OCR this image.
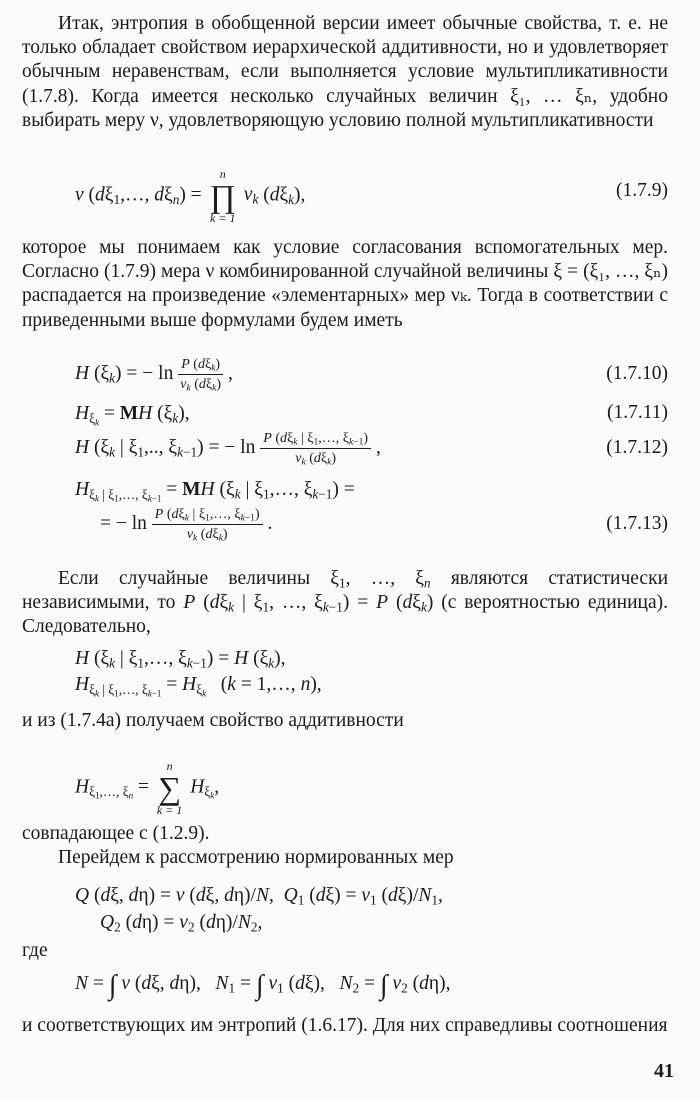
Итак, энтропия в обобщенной версии имеет обычные свойства, т. е. не только обладает свойством иерархической аддитивности, но и удовлетворяет обычным неравенствам, если выполняется условие мультипликативности (1.7.8). Когда имеется несколько случайных величин ξ₁, … ξₙ, удобно выбирать меру ν, удовлетворяющую условию полной мультипликативности

ν ($d\xi_1,\dots$, $d\xi_n$) =
n
∏
k = 1
$\nu_k$ $(d\xi_k)$,	(1.7.9)

которое мы понимаем как условие согласования вспомогательных мер. Согласно (1.7.9) мера ν комбинированной случайной величины ξ = (ξ₁, …, ξₙ) распадается на произведение «элементарных» мер νₖ. Тогда в соответствии с приведенными выше формулами будем иметь

H $(\xi_k)$ = − $\ln \frac{P (d\xi_k)}{\nu_k (d\xi_k)}$ ,	(1.7.10)
$H_{\xi_k}$ = MH $(\xi_k)$,	(1.7.11)
H ($\xi_k$ | $\xi_1$,.., $\xi_{k-1}$) = − $\ln \frac{P (d\xi_k | \xi_1,\dots, \xi_{k-1})}{\nu_k (d\xi_k)}$ ,	(1.7.12)
$H_{\xi_k | \xi_1,\dots, \xi_{k-1}}$ = MH ($\xi_k$ | $\xi_1,\dots$, $\xi_{k-1}$) =
= − $\ln \frac{P (d\xi_k | \xi_1,\dots, \xi_{k-1})}{\nu_k (d\xi_k)}$ .	(1.7.13)

Если случайные величины $\xi_1$, …, $\xi_n$ являются статистически независимыми, то P ($d\xi_k$ | $\xi_1$, …, $\xi_{k-1}) = P$ $(d\xi_k)$ (с вероятностью единица). Следовательно,

H ($\xi_k$ | $\xi_1,\dots$, $\xi_{k-1}) = H$ $(\xi_k)$,
$H_{\xi_k | \xi_1,\dots, \xi_{k-1}} = H_{\xi_k}$   (k = 1,…, n),

и из (1.7.4а) получаем свойство аддитивности

$H_{\xi_1,\dots, \xi_n}$ =
n
∑
k = 1
$H_{\xi_k}$,

совпадающее с (1.2.9).

Перейдем к рассмотрению нормированных мер

Q (dξ, dη) = ν (dξ, dη)/N,  $Q_1$ $(d\xi) = \nu_1$ $(d\xi)/N_1$,
$Q_2$ $(d\eta) = \nu_2$ $(d\eta)/N_2$,

где

N = ∫ ν (dξ, dη),   $N_1$ = ∫ $\nu_1$ (dξ),   $N_2$ = ∫ $\nu_2$ (dη),

и соответствующих им энтропий (1.6.17). Для них справедливы соотношения

41
